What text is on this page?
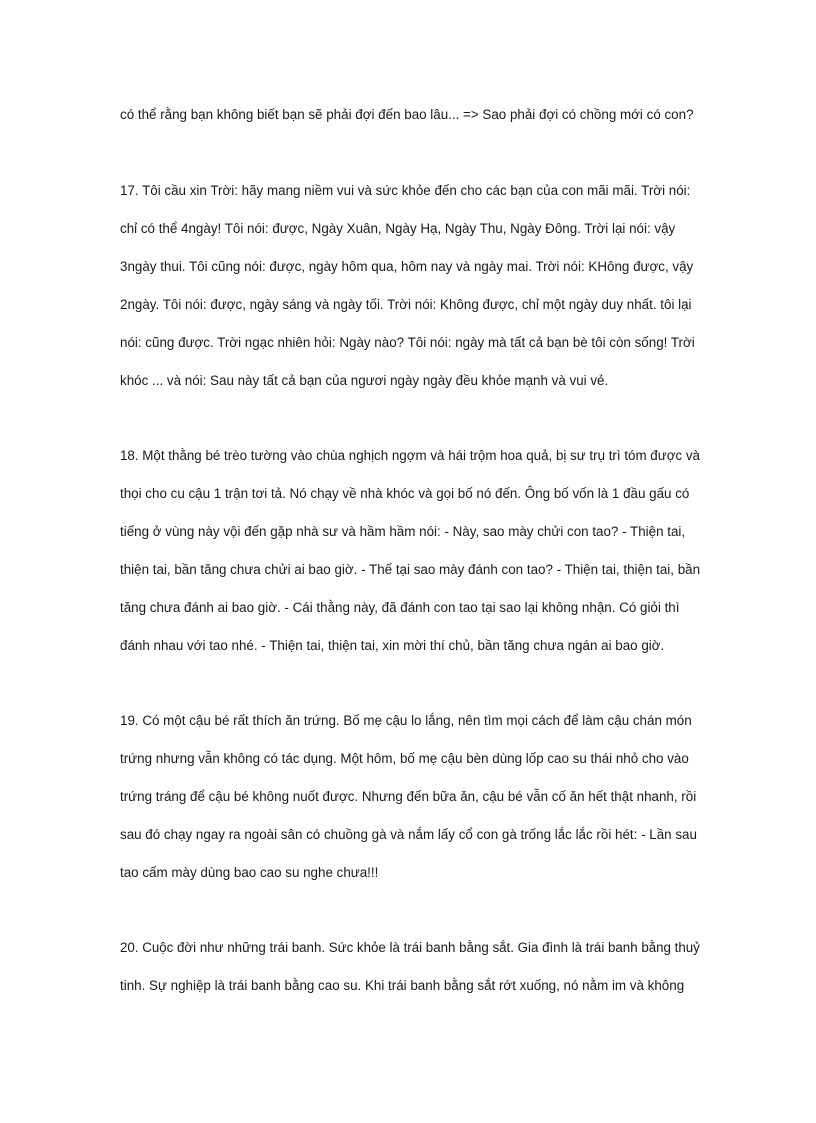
có thể rằng bạn không biết bạn sẽ phải đợi đến bao lâu... => Sao phải đợi có chồng mới có con?
17. Tôi cầu xin Trời: hãy mang niềm vui và sức khỏe đến cho các bạn của con mãi mãi. Trời nói:
chỉ có thể 4ngày! Tôi nói: được, Ngày Xuân, Ngày Hạ, Ngày Thu, Ngày Đông. Trời lại nói: vậy
3ngày thui. Tôi cũng nói: được, ngày hôm qua, hôm nay và ngày mai. Trời nói: KHông được, vậy
2ngày. Tôi nói: được, ngày sáng và ngày tối. Trời nói: Không được, chỉ một ngày duy nhất. tôi lại
nói: cũng được. Trời ngạc nhiên hỏi: Ngày nào? Tôi nói: ngày mà tất cả bạn bè tôi còn sống! Trời
khóc ... và nói: Sau này tất cả bạn của ngươi ngày ngày đều khỏe mạnh và vui vẻ.
18. Một thằng bé trèo tường vào chùa nghịch ngợm và hái trộm hoa quả, bị sư trụ trì tóm được và
thọi cho cu cậu 1 trận tơi tả. Nó chạy về nhà khóc và gọi bố nó đến. Ông bố vốn là 1 đầu gấu có
tiếng ở vùng này vội đến gặp nhà sư và hầm hầm nói: - Này, sao mày chửi con tao? - Thiện tai,
thiện tai, bần tăng chưa chửi ai bao giờ. - Thế tại sao mày đánh con tao? - Thiện tai, thiện tai, bần
tăng chưa đánh ai bao giờ. - Cái thằng này, đã đánh con tao tại sao lại không nhận. Có giỏi thì
đánh nhau với tao nhé. - Thiện tai, thiện tai, xin mời thí chủ, bần tăng chưa ngán ai bao giờ.
19. Có một cậu bé rất thích ăn trứng. Bố mẹ cậu lo lắng, nên tìm mọi cách để làm cậu chán món
trứng nhưng vẫn không có tác dụng. Một hôm, bố mẹ cậu bèn dùng lốp cao su thái nhỏ cho vào
trứng tráng để cậu bé không nuốt được. Nhưng đến bữa ăn, cậu bé vẫn cố ăn hết thật nhanh, rồi
sau đó chạy ngay ra ngoài sân có chuồng gà và nắm lấy cổ con gà trống lắc lắc rồi hét: - Lần sau
tao cấm mày dùng bao cao su nghe chưa!!!
20. Cuộc đời như những trái banh. Sức khỏe là trái banh bằng sắt. Gia đình là trái banh bằng thuỷ
tinh. Sự nghiệp là trái banh bằng cao su. Khi trái banh bằng sắt rớt xuống, nó nằm im và không
